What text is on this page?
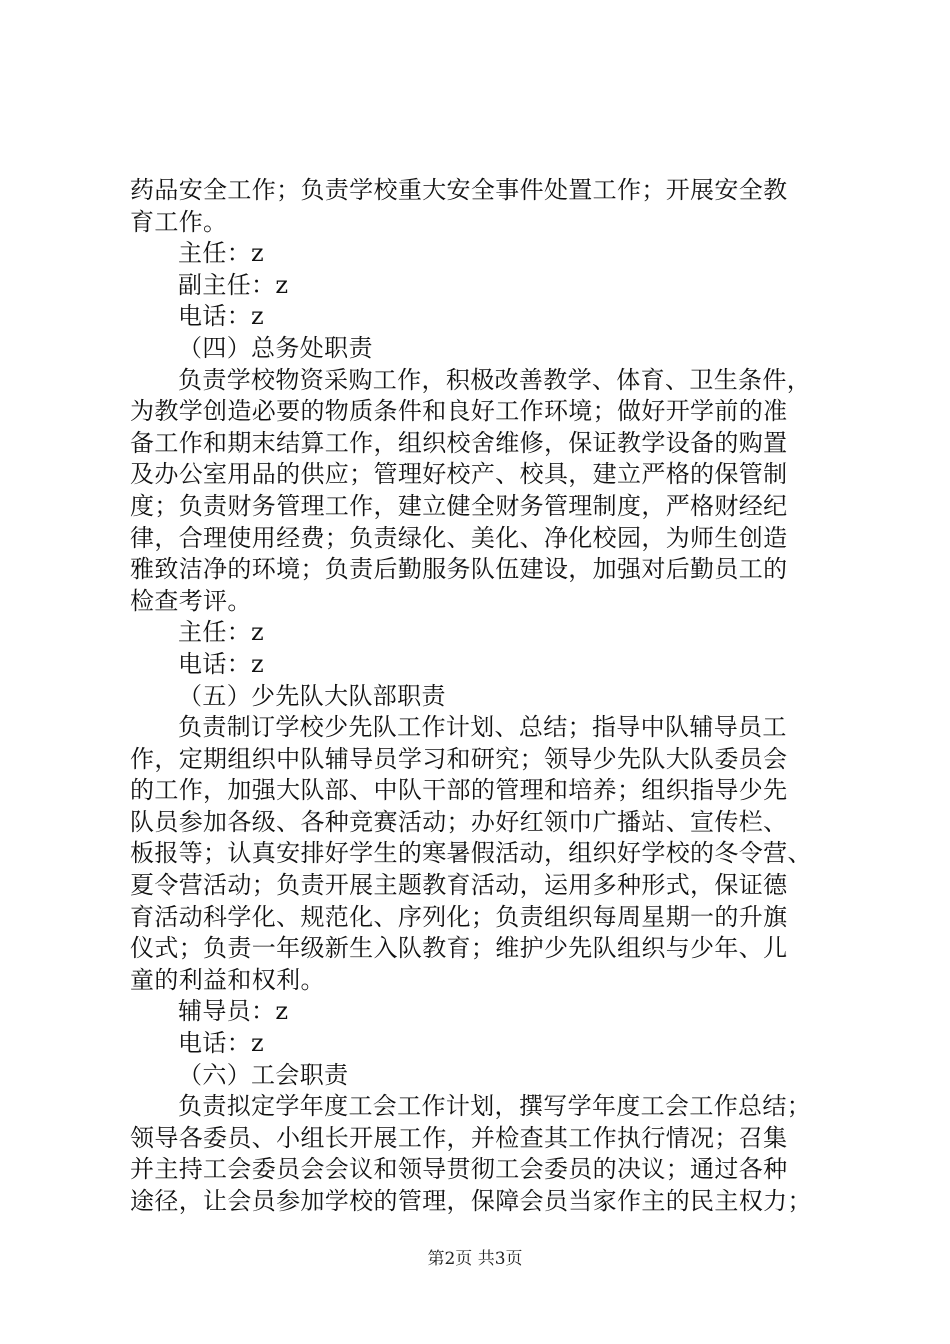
药品安全工作；负责学校重大安全事件处置工作；开展安全教
育工作。
主任：z
副主任：z
电话：z
（四）总务处职责
负责学校物资采购工作，积极改善教学、体育、卫生条件，
为教学创造必要的物质条件和良好工作环境；做好开学前的准
备工作和期末结算工作，组织校舍维修，保证教学设备的购置
及办公室用品的供应；管理好校产、校具，建立严格的保管制
度；负责财务管理工作，建立健全财务管理制度，严格财经纪
律，合理使用经费；负责绿化、美化、净化校园，为师生创造
雅致洁净的环境；负责后勤服务队伍建设，加强对后勤员工的
检查考评。
主任：z
电话：z
（五）少先队大队部职责
负责制订学校少先队工作计划、总结；指导中队辅导员工
作，定期组织中队辅导员学习和研究；领导少先队大队委员会
的工作，加强大队部、中队干部的管理和培养；组织指导少先
队员参加各级、各种竞赛活动；办好红领巾广播站、宣传栏、
板报等；认真安排好学生的寒暑假活动，组织好学校的冬令营、
夏令营活动；负责开展主题教育活动，运用多种形式，保证德
育活动科学化、规范化、序列化；负责组织每周星期一的升旗
仪式；负责一年级新生入队教育；维护少先队组织与少年、儿
童的利益和权利。
辅导员：z
电话：z
（六）工会职责
负责拟定学年度工会工作计划，撰写学年度工会工作总结；
领导各委员、小组长开展工作，并检查其工作执行情况；召集
并主持工会委员会会议和领导贯彻工会委员的决议；通过各种
途径，让会员参加学校的管理，保障会员当家作主的民主权力；
第2页 共3页
